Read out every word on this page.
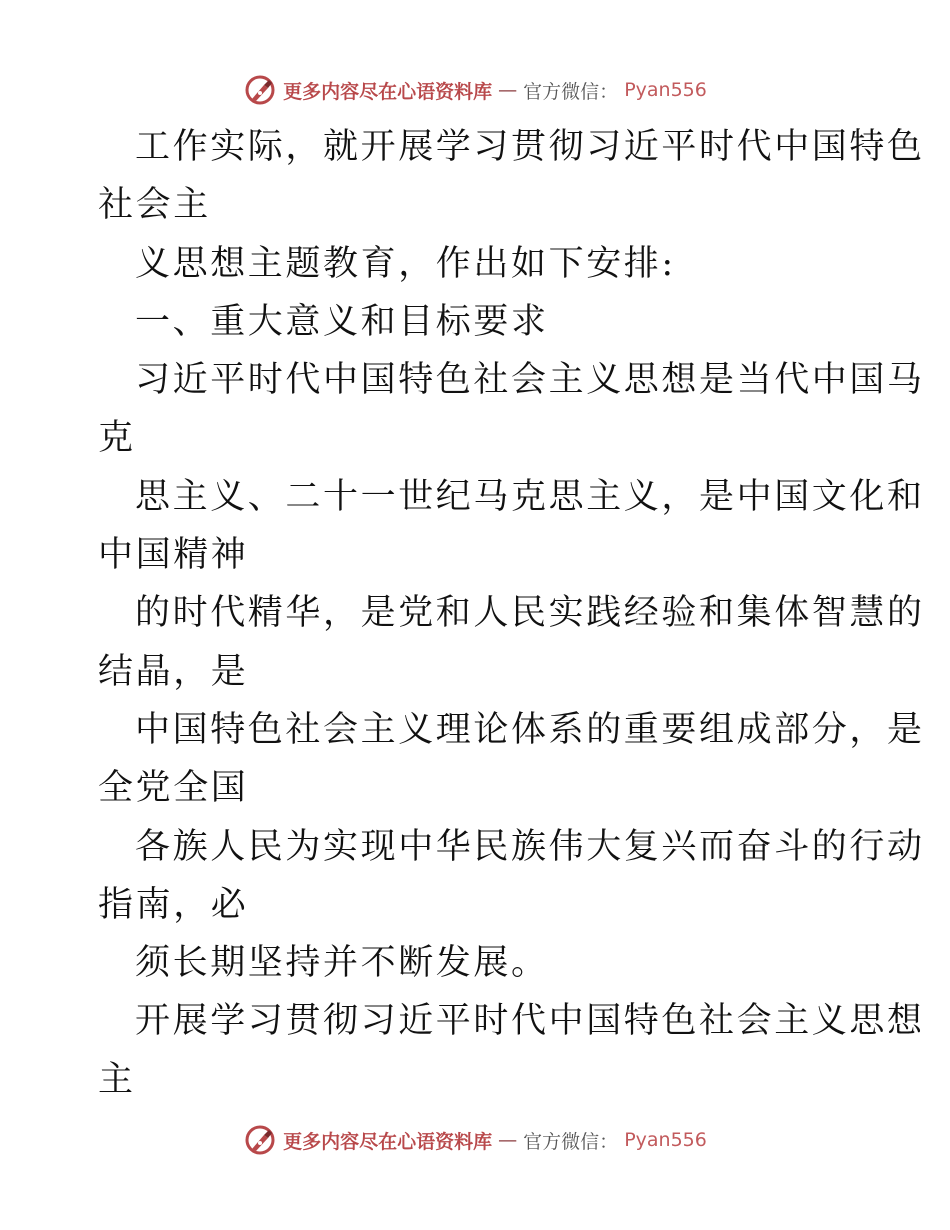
更多内容尽在心语资料库 — 官方微信： Pyan556
工作实际，就开展学习贯彻习近平时代中国特色
社会主
义思想主题教育，作出如下安排:
一、重大意义和目标要求
习近平时代中国特色社会主义思想是当代中国马
克
思主义、二十一世纪马克思主义，是中国文化和
中国精神
的时代精华，是党和人民实践经验和集体智慧的
结晶，是
中国特色社会主义理论体系的重要组成部分，是
全党全国
各族人民为实现中华民族伟大复兴而奋斗的行动
指南，必
须长期坚持并不断发展。
开展学习贯彻习近平时代中国特色社会主义思想
主
更多内容尽在心语资料库 — 官方微信： Pyan556
